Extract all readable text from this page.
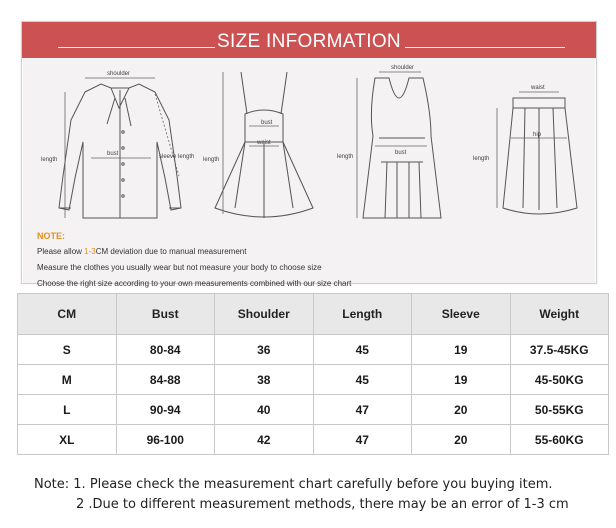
SIZE INFORMATION
shoulder
length
bust	sleeve length
bust
waist
length
shoulder
length
bust
waist
hip
length
NOTE:
Please allow 1-3CM deviation due to manual measurement
Measure the clothes you usually wear but not measure your body to choose size
Choose the right size according to your own measurements combined with our size chart
CM	Bust	Shoulder	Length	Sleeve	Weight
S	80-84	36	45	19	37.5-45KG
M	84-88	38	45	19	45-50KG
L	90-94	40	47	20	50-55KG
XL	96-100	42	47	20	55-60KG
Note: 1. Please check the measurement chart carefully before you buying item.
2 .Due to different measurement methods, there may be an error of 1-3 cm
